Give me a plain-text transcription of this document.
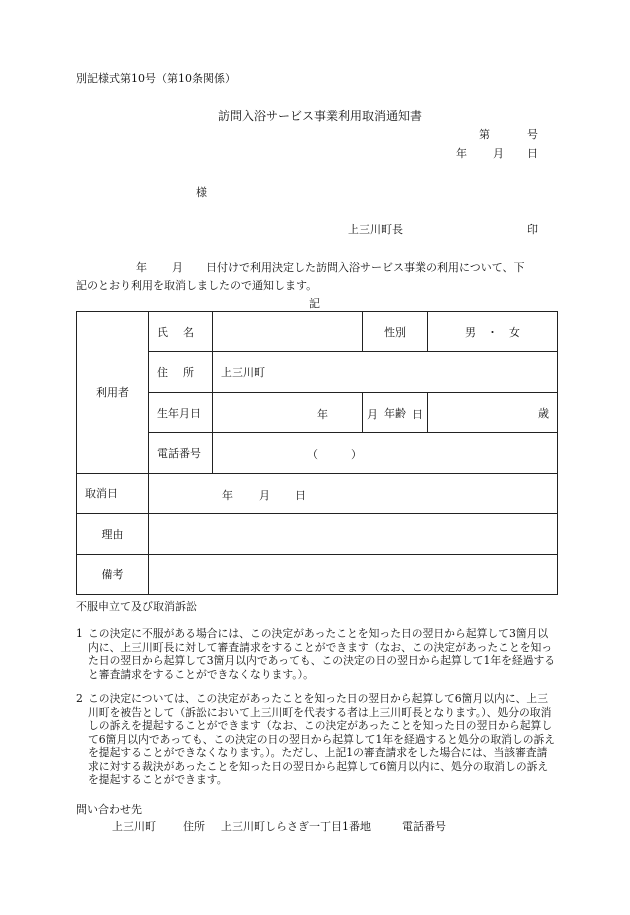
別記様式第10号（第10条関係）
訪問入浴サービス事業利用取消通知書
第	号
年 月 日
様
上三川町長	印
年 月 日付けで利用決定した訪問入浴サービス事業の利用について、下
記のとおり利用を取消しましたので通知します。
記
利用者	氏　名		性別	男　・　女
	住　所	上三川町		
	生年月日	年 月 日	年齢	歳
	電話番号	（　　　）		

取消日	年 月 日			

理由				
備考				
不服申立て及び取消訴訟
1 この決定に不服がある場合には、この決定があったことを知った日の翌日から起算して3箇月以内に、上三川町長に対して審査請求をすることができます（なお、この決定があったことを知った日の翌日から起算して3箇月以内であっても、この決定の日の翌日から起算して1年を経過すると審査請求をすることができなくなります。）。
2 この決定については、この決定があったことを知った日の翌日から起算して6箇月以内に、上三川町を被告として（訴訟において上三川町を代表する者は上三川町長となります。）、処分の取消しの訴えを提起することができます（なお、この決定があったことを知った日の翌日から起算して6箇月以内であっても、この決定の日の翌日から起算して1年を経過すると処分の取消しの訴えを提起することができなくなります。）。ただし、上記1の審査請求をした場合には、当該審査請求に対する裁決があったことを知った日の翌日から起算して6箇月以内に、処分の取消しの訴えを提起することができます。
問い合わせ先
上三川町 住所 上三川町しらさぎ一丁目1番地	電話番号
